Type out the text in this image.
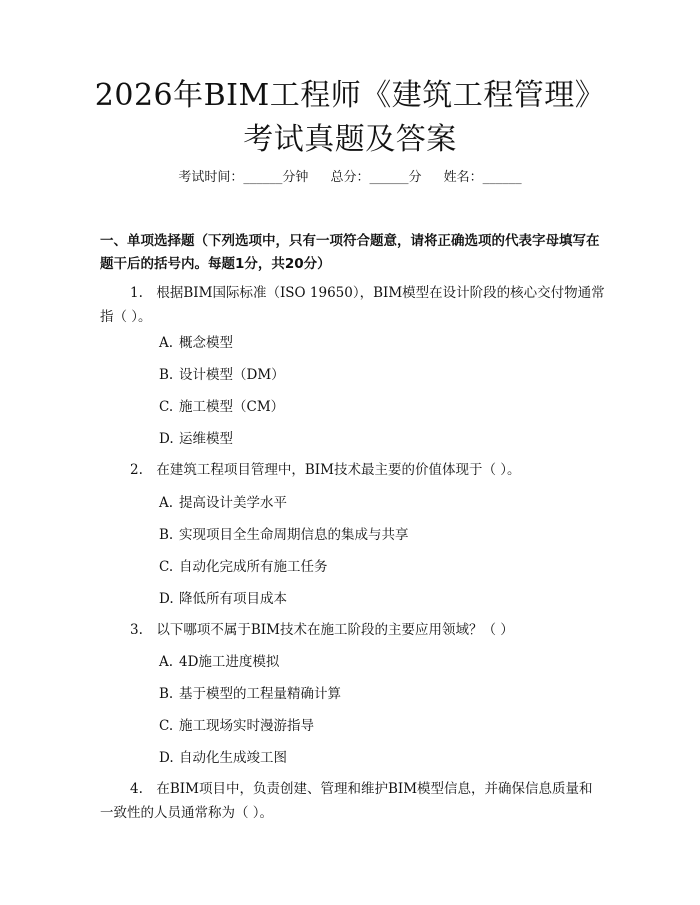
2026年BIM工程师《建筑工程管理》考试真题及答案
考试时间：______分钟 总分：______分 姓名：______
一、单项选择题（下列选项中，只有一项符合题意，请将正确选项的代表字母填写在题干后的括号内。每题1分，共20分）
1.　根据BIM国际标准（ISO 19650），BIM模型在设计阶段的核心交付物通常指（ ）。
A. 概念模型
B. 设计模型（DM）
C. 施工模型（CM）
D. 运维模型
2.　在建筑工程项目管理中，BIM技术最主要的价值体现于（ ）。
A. 提高设计美学水平
B. 实现项目全生命周期信息的集成与共享
C. 自动化完成所有施工任务
D. 降低所有项目成本
3.　以下哪项不属于BIM技术在施工阶段的主要应用领域？（ ）
A. 4D施工进度模拟
B. 基于模型的工程量精确计算
C. 施工现场实时漫游指导
D. 自动化生成竣工图
4.　在BIM项目中，负责创建、管理和维护BIM模型信息，并确保信息质量和一致性的人员通常称为（ ）。
